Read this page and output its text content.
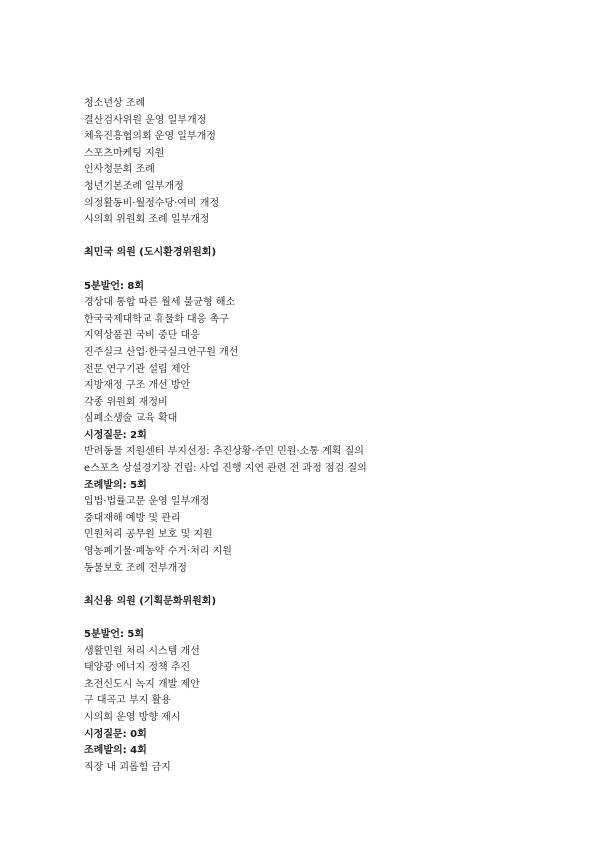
청소년상 조례
결산검사위원 운영 일부개정
체육진흥협의회 운영 일부개정
스포츠마케팅 지원
인사청문회 조례
청년기본조례 일부개정
의정활동비·월정수당·여비 개정
시의회 위원회 조례 일부개정
최민국 의원 (도시환경위원회)
5분발언: 8회
경상대 통합 따른 월세 불균형 해소
한국국제대학교 휴물화 대응 촉구
지역상품권 국비 중단 대응
진주실크 산업·한국실크연구원 개선
전문 연구기관 설립 제안
지방재정 구조 개선 방안
각종 위원회 재정비
심폐소생술 교육 확대
시정질문: 2회
반려동물 지원센터 부지선정: 추진상황·주민 민원·소통 계획 질의
e스포츠 상설경기장 건립: 사업 진행 지연 관련 전 과정 점검 질의
조례발의: 5회
입법·법률고문 운영 일부개정
중대재해 예방 및 관리
민원처리 공무원 보호 및 지원
영농폐기물·폐농약 수거·처리 지원
동물보호 조례 전부개정
최신용 의원 (기획문화위원회)
5분발언: 5회
생활민원 처리 시스템 개선
태양광 에너지 정책 추진
초전신도시 녹지 개발 제안
구 대곡고 부지 활용
시의회 운영 방향 제시
시정질문: 0회
조례발의: 4회
직장 내 괴롭힘 금지
